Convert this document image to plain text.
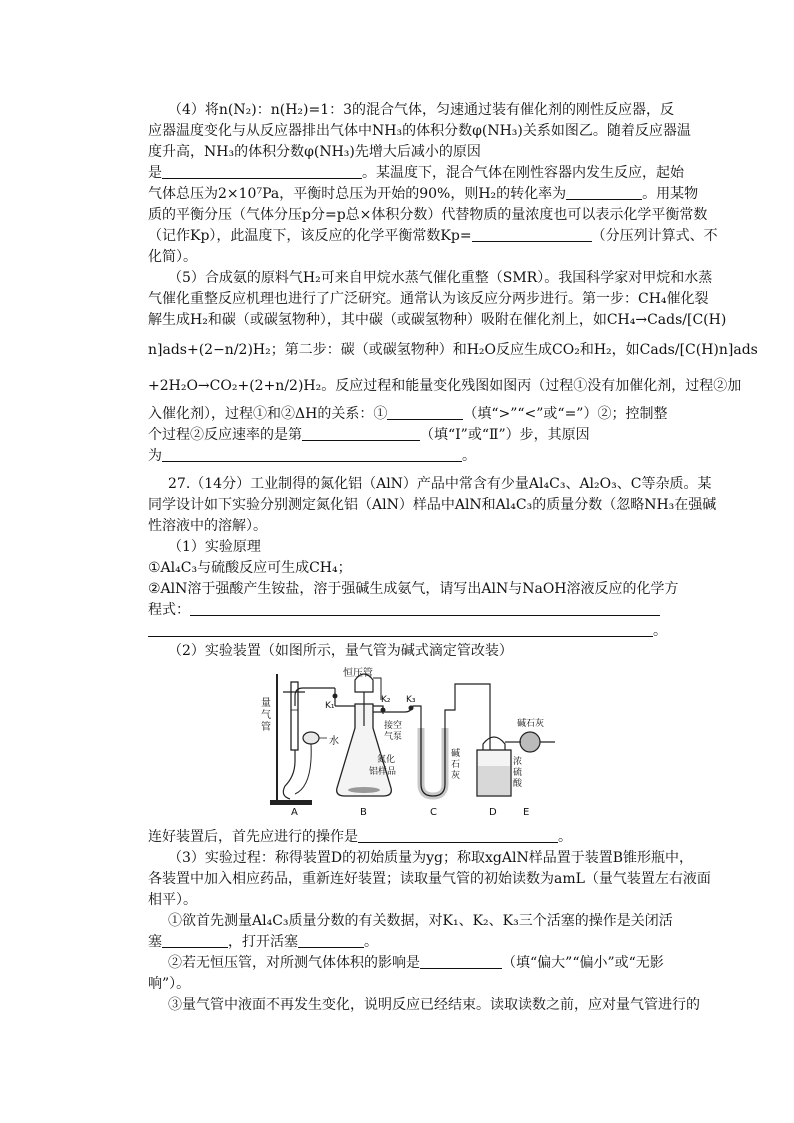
（4）将n(N₂)：n(H₂)=1：3的混合气体，匀速通过装有催化剂的刚性反应器，反
应器温度变化与从反应器排出气体中NH₃的体积分数φ(NH₃)关系如图乙。随着反应器温
度升高，NH₃的体积分数φ(NH₃)先增大后减小的原因
是	。某温度下，混合气体在刚性容器内发生反应，起始
气体总压为2×10⁷Pa，平衡时总压为开始的90%，则H₂的转化率为	。用某物
质的平衡分压（气体分压p分=p总×体积分数）代替物质的量浓度也可以表示化学平衡常数
（记作Kp），此温度下，该反应的化学平衡常数Kp=	（分压列计算式、不
化简）。
（5）合成氨的原料气H₂可来自甲烷水蒸气催化重整（SMR）。我国科学家对甲烷和水蒸
气催化重整反应机理也进行了广泛研究。通常认为该反应分两步进行。第一步：CH₄催化裂
解生成H₂和碳（或碳氢物种），其中碳（或碳氢物种）吸附在催化剂上，如CH₄→Cads/[C(H)
n]ads+(2−n/2)H₂；第二步：碳（或碳氢物种）和H₂O反应生成CO₂和H₂，如Cads/[C(H)n]ads
+2H₂O→CO₂+(2+n/2)H₂。反应过程和能量变化残图如图丙（过程①没有加催化剂，过程②加
入催化剂），过程①和②ΔH的关系：①	（填“>”“<”或“=”）②；控制整
个过程②反应速率的是第	（填“Ⅰ”或“Ⅱ”）步，其原因
为	。
27.（14分）工业制得的氮化铝（AlN）产品中常含有少量Al₄C₃、Al₂O₃、C等杂质。某
同学设计如下实验分别测定氮化铝（AlN）样品中AlN和Al₄C₃的质量分数（忽略NH₃在强碱
性溶液中的溶解）。
（1）实验原理
①Al₄C₃与硫酸反应可生成CH₄；
②AlN溶于强酸产生铵盐，溶于强碱生成氨气，请写出AlN与NaOH溶液反应的化学方
程式：
。
（2）实验装置（如图所示，量气管为碱式滴定管改装）
量
气
管
恒压管
水
K₁
K₂ K₃
接空
气泵
氮化
铝样品
碱
石
灰
浓
硫
酸
碱石灰
A	B	C	D	E
连好装置后，首先应进行的操作是	。
（3）实验过程：称得装置D的初始质量为yg；称取xgAlN样品置于装置B锥形瓶中，
各装置中加入相应药品，重新连好装置；读取量气管的初始读数为amL（量气装置左右液面
相平）。
①欲首先测量Al₄C₃质量分数的有关数据，对K₁、K₂、K₃三个活塞的操作是关闭活
塞	，打开活塞	。
②若无恒压管，对所测气体体积的影响是	（填“偏大”“偏小”或“无影
响”）。
③量气管中液面不再发生变化，说明反应已经结束。读取读数之前，应对量气管进行的
